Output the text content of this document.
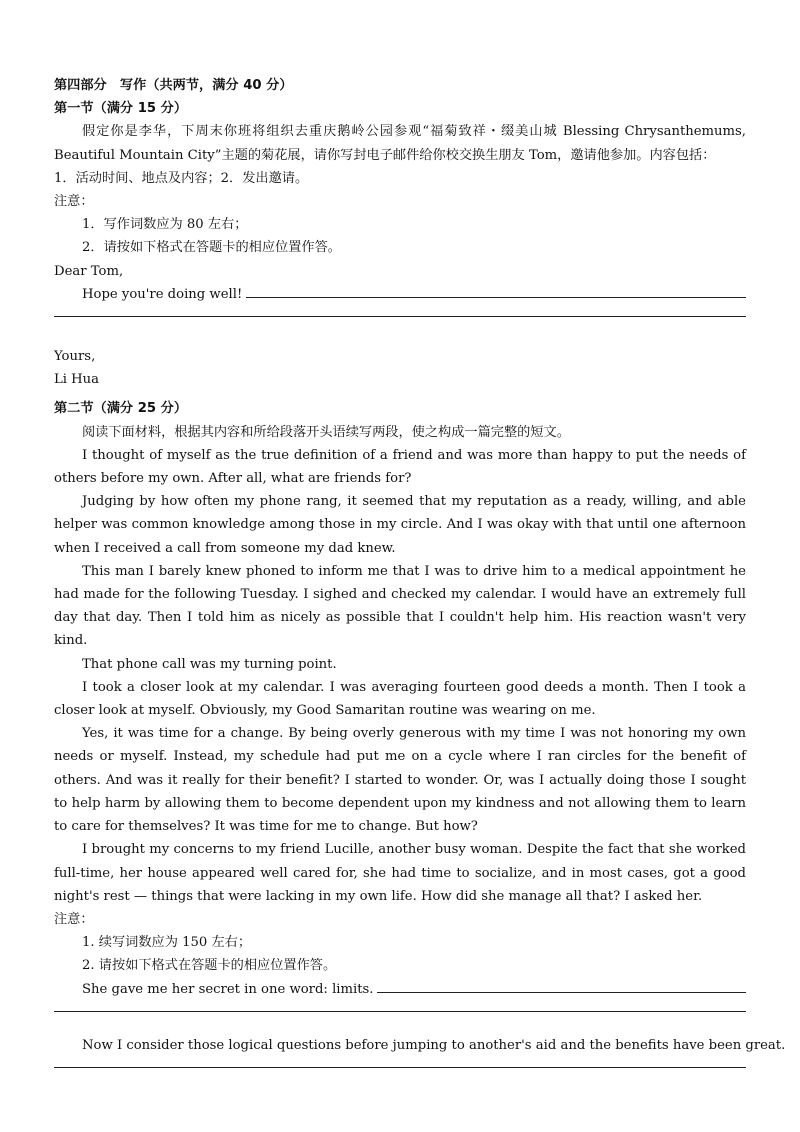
第四部分　写作（共两节，满分 40 分）
第一节（满分 15 分）
假定你是李华，下周末你班将组织去重庆鹅岭公园参观“福菊致祥・缀美山城 Blessing Chrysanthemums, Beautiful Mountain City”主题的菊花展，请你写封电子邮件给你校交换生朋友 Tom，邀请他参加。内容包括：
1．活动时间、地点及内容；2．发出邀请。
注意：
1．写作词数应为 80 左右；
2．请按如下格式在答题卡的相应位置作答。
Dear Tom,
Hope you're doing well!
Yours,
Li Hua
第二节（满分 25 分）
阅读下面材料，根据其内容和所给段落开头语续写两段，使之构成一篇完整的短文。
I thought of myself as the true definition of a friend and was more than happy to put the needs of others before my own. After all, what are friends for?
Judging by how often my phone rang, it seemed that my reputation as a ready, willing, and able helper was common knowledge among those in my circle. And I was okay with that until one afternoon when I received a call from someone my dad knew.
This man I barely knew phoned to inform me that I was to drive him to a medical appointment he had made for the following Tuesday. I sighed and checked my calendar. I would have an extremely full day that day. Then I told him as nicely as possible that I couldn't help him. His reaction wasn't very kind.
That phone call was my turning point.
I took a closer look at my calendar. I was averaging fourteen good deeds a month. Then I took a closer look at myself. Obviously, my Good Samaritan routine was wearing on me.
Yes, it was time for a change. By being overly generous with my time I was not honoring my own needs or myself. Instead, my schedule had put me on a cycle where I ran circles for the benefit of others. And was it really for their benefit? I started to wonder. Or, was I actually doing those I sought to help harm by allowing them to become dependent upon my kindness and not allowing them to learn to care for themselves? It was time for me to change. But how?
I brought my concerns to my friend Lucille, another busy woman. Despite the fact that she worked full-time, her house appeared well cared for, she had time to socialize, and in most cases, got a good night's rest — things that were lacking in my own life. How did she manage all that? I asked her.
注意：
1. 续写词数应为 150 左右；
2. 请按如下格式在答题卡的相应位置作答。
She gave me her secret in one word: limits.
Now I consider those logical questions before jumping to another's aid and the benefits have been great.
